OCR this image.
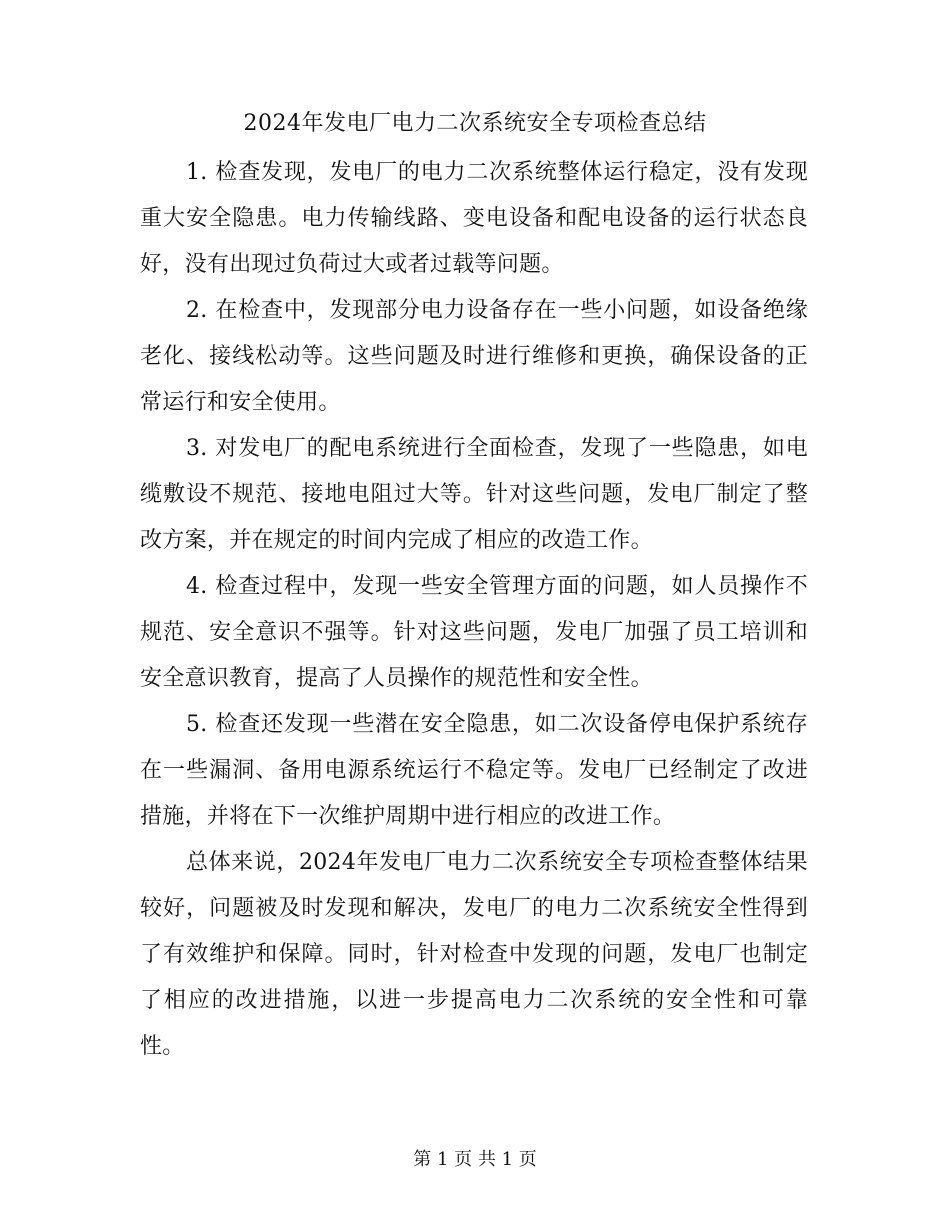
2024年发电厂电力二次系统安全专项检查总结

1. 检查发现，发电厂的电力二次系统整体运行稳定，没有发现重大安全隐患。电力传输线路、变电设备和配电设备的运行状态良好，没有出现过负荷过大或者过载等问题。

2. 在检查中，发现部分电力设备存在一些小问题，如设备绝缘老化、接线松动等。这些问题及时进行维修和更换，确保设备的正常运行和安全使用。

3. 对发电厂的配电系统进行全面检查，发现了一些隐患，如电缆敷设不规范、接地电阻过大等。针对这些问题，发电厂制定了整改方案，并在规定的时间内完成了相应的改造工作。

4. 检查过程中，发现一些安全管理方面的问题，如人员操作不规范、安全意识不强等。针对这些问题，发电厂加强了员工培训和安全意识教育，提高了人员操作的规范性和安全性。

5. 检查还发现一些潜在安全隐患，如二次设备停电保护系统存在一些漏洞、备用电源系统运行不稳定等。发电厂已经制定了改进措施，并将在下一次维护周期中进行相应的改进工作。

总体来说，2024年发电厂电力二次系统安全专项检查整体结果较好，问题被及时发现和解决，发电厂的电力二次系统安全性得到了有效维护和保障。同时，针对检查中发现的问题，发电厂也制定了相应的改进措施，以进一步提高电力二次系统的安全性和可靠性。

第 1 页 共 1 页
